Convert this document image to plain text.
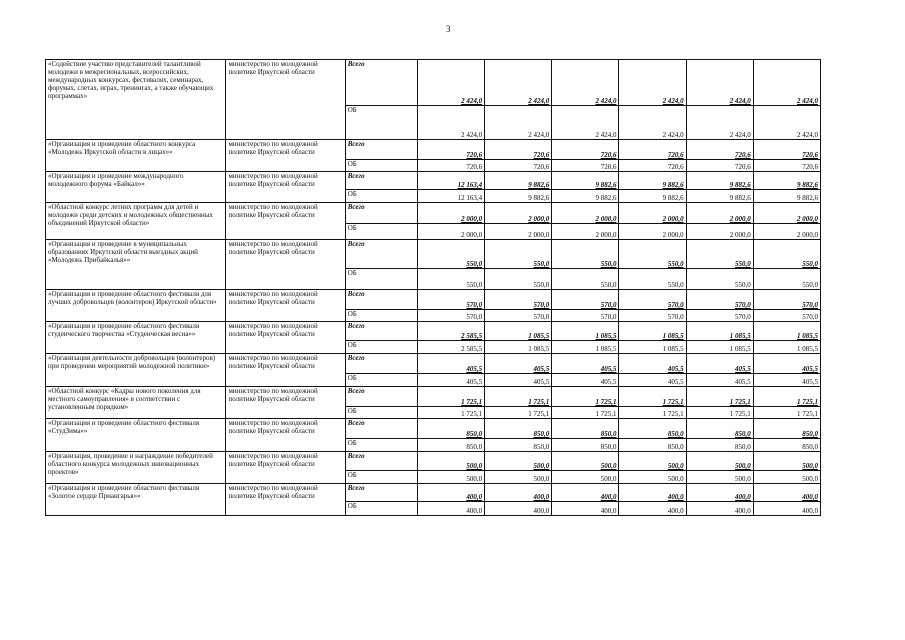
3
«Содействие участию представителей талантливой молодежи в межрегиональных, всероссийских, международных конкурсах, фестивалях, семинарах, форумах, слетах, играх, тренингах, а также обучающих программах»	министерство по молодежной политике Иркутской области	Всего	2 424,0	2 424,0	2 424,0	2 424,0	2 424,0	2 424,0
		ОБ	2 424,0	2 424,0	2 424,0	2 424,0	2 424,0	2 424,0
«Организация и проведение областного конкурса «Молодежь Иркутской области в лицах»»	министерство по молодежной политике Иркутской области	Всего	720,6	720,6	720,6	720,6	720,6	720,6
		ОБ	720,6	720,6	720,6	720,6	720,6	720,6
«Организация и проведение международного молодежного форума «Байкал»»	министерство по молодежной политике Иркутской области	Всего	12 163,4	9 882,6	9 882,6	9 882,6	9 882,6	9 882,6
		ОБ	12 163,4	9 882,6	9 882,6	9 882,6	9 882,6	9 882,6
«Областной конкурс летних программ для детей и молодежи среди детских и молодежных общественных объединений Иркутской области»	министерство по молодежной политике Иркутской области	Всего	2 000,0	2 000,0	2 000,0	2 000,0	2 000,0	2 000,0
		ОБ	2 000,0	2 000,0	2 000,0	2 000,0	2 000,0	2 000,0
«Организация и проведение в муниципальных образованиях Иркутской области выездных акций «Молодежь Прибайкалья»»	министерство по молодежной политике Иркутской области	Всего	550,0	550,0	550,0	550,0	550,0	550,0
		ОБ	550,0	550,0	550,0	550,0	550,0	550,0
«Организация и проведение областного фестиваля для лучших добровольцев (волонтеров) Иркутской области»	министерство по молодежной политике Иркутской области	Всего	570,0	570,0	570,0	570,0	570,0	570,0
		ОБ	570,0	570,0	570,0	570,0	570,0	570,0
«Организация и проведение областного фестиваля студенческого творчества «Студенческая весна»»	министерство по молодежной политике Иркутской области	Всего	2 585,5	1 085,5	1 085,5	1 085,5	1 085,5	1 085,5
		ОБ	2 585,5	1 085,5	1 085,5	1 085,5	1 085,5	1 085,5
«Организация деятельности добровольцев (волонтеров) при проведении мероприятий молодежной политики»	министерство по молодежной политике Иркутской области	Всего	405,5	405,5	405,5	405,5	405,5	405,5
		ОБ	405,5	405,5	405,5	405,5	405,5	405,5
«Областной конкурс «Кадры нового поколения для местного самоуправления» в соответствии с установленным порядком»	министерство по молодежной политике Иркутской области	Всего	1 725,1	1 725,1	1 725,1	1 725,1	1 725,1	1 725,1
		ОБ	1 725,1	1 725,1	1 725,1	1 725,1	1 725,1	1 725,1
«Организация и проведение областного фестиваля «СтудЗима»»	министерство по молодежной политике Иркутской области	Всего	850,0	850,0	850,0	850,0	850,0	850,0
		ОБ	850,0	850,0	850,0	850,0	850,0	850,0
«Организация, проведение и награждение победителей областного конкурса молодежных инновационных проектов»	министерство по молодежной политике Иркутской области	Всего	500,0	500,0	500,0	500,0	500,0	500,0
		ОБ	500,0	500,0	500,0	500,0	500,0	500,0
«Организация и проведение областного фестиваля «Золотое сердце Приангарья»»	министерство по молодежной политике Иркутской области	Всего	400,0	400,0	400,0	400,0	400,0	400,0
		ОБ	400,0	400,0	400,0	400,0	400,0	400,0
